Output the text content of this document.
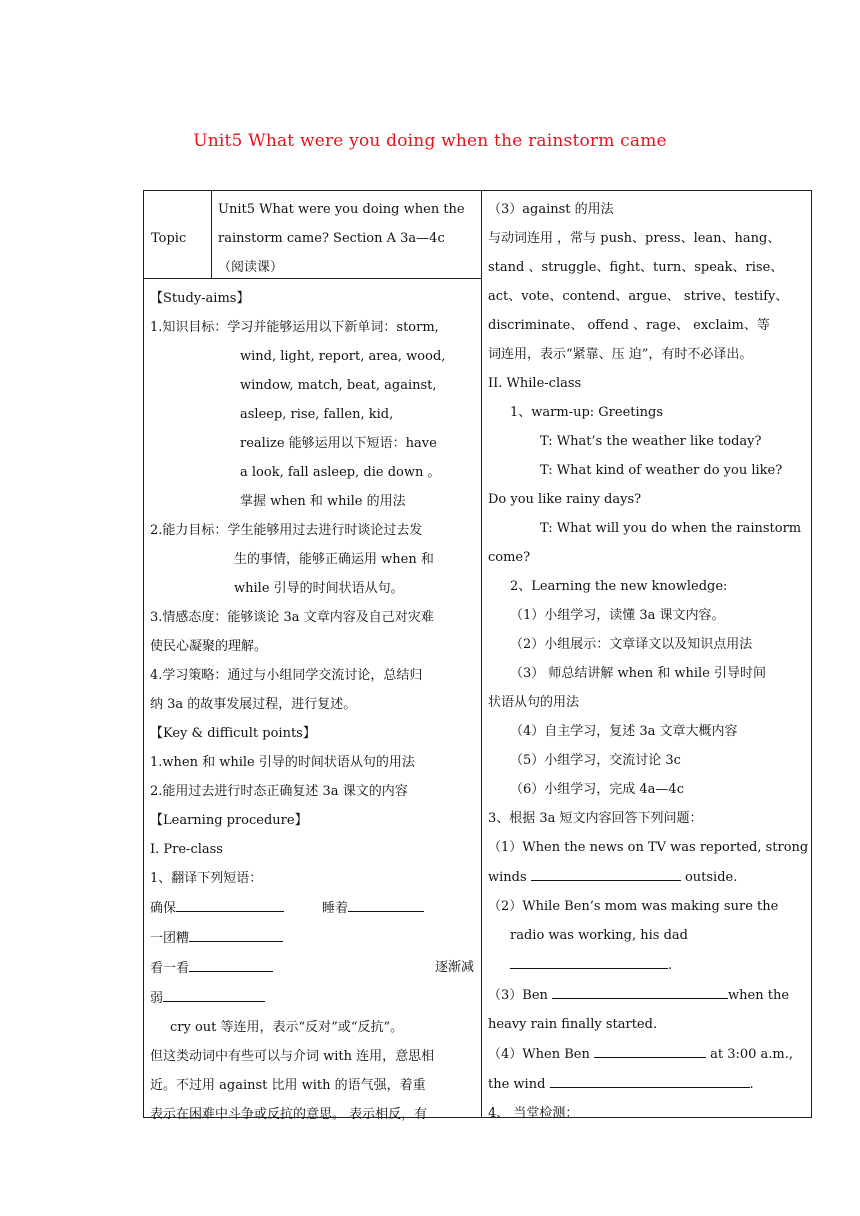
Unit5 What were you doing when the rainstorm came
Topic

Unit5 What were you doing when the

rainstorm came? Section A 3a—4c

（阅读课）

【Study-aims】

1.知识目标：学习并能够运用以下新单词：storm,

wind, light, report, area, wood,

window, match, beat, against,

asleep, rise, fallen, kid,

realize 能够运用以下短语：have

a look, fall asleep, die down 。

掌握 when 和 while 的用法

2.能力目标：学生能够用过去进行时谈论过去发

生的事情，能够正确运用 when 和

while 引导的时间状语从句。

3.情感态度：能够谈论 3a 文章内容及自己对灾难

使民心凝聚的理解。

4.学习策略：通过与小组同学交流讨论，总结归

纳 3a 的故事发展过程，进行复述。

【Key & difficult points】

1.when 和 while 引导的时间状语从句的用法

2.能用过去进行时态正确复述 3a 课文的内容

【Learning procedure】

I. Pre-class

1、翻译下列短语：

确保	睡着

一团糟

看一看	逐渐减

弱

cry out 等连用，表示“反对”或“反抗”。

但这类动词中有些可以与介词 with 连用，意思相

近。不过用 against 比用 with 的语气强，着重

表示在困难中斗争或反抗的意思。 表示相反，有

（3）against 的用法

与动词连用 ，常与 push、press、lean、hang、

stand 、struggle、fight、turn、speak、rise、

act、vote、contend、argue、 strive、testify、

discriminate、 offend 、rage、 exclaim、等

词连用，表示“紧靠、压 迫”，有时不必译出。

II. While-class

1、warm-up: Greetings

T: What’s the weather like today?

T: What kind of weather do you like?

Do you like rainy days?

T: What will you do when the rainstorm

come?

2、Learning the new knowledge:

（1）小组学习，读懂 3a 课文内容。

（2）小组展示：文章译文以及知识点用法

（3） 师总结讲解 when 和 while 引导时间

状语从句的用法

（4）自主学习，复述 3a 文章大概内容

（5）小组学习，交流讨论 3c

（6）小组学习，完成 4a—4c

3、根据 3a 短文内容回答下列问题：

（1）When the news on TV was reported, strong

winds	outside.

（2）While Ben’s mom was making sure the

radio was working, his dad

.

（3）Ben	when the

heavy rain finally started.

（4）When Ben	at 3:00 a.m.,

the wind	.

4、 当堂检测：
